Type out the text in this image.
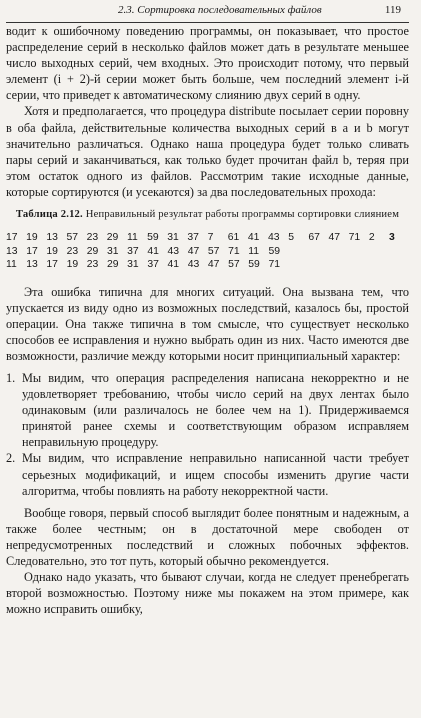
2.3. Сортировка последовательных файлов	119

водит к ошибочному поведению программы, он показывает, что простое распределение серий в несколько файлов может дать в результате меньшее число выходных серий, чем входных. Это происходит потому, что первый элемент (i + 2)-й серии может быть больше, чем последний элемент i-й серии, что приведет к автоматическому слиянию двух серий в одну.

Хотя и предполагается, что процедура distribute посылает серии поровну в оба файла, действительные количества выходных серий в a и b могут значительно различаться. Однако наша процедура будет только сливать пары серий и заканчиваться, как только будет прочитан файл b, теряя при этом остаток одного из файлов. Рассмотрим такие исходные данные, которые сортируются (и усекаются) за два последовательных прохода:

Таблица 2.12. Неправильный результат работы программы сортировки слиянием
17 19 13 57 23 29 11 59 31 37 7	61 41 43 5	67 47 71 2	3
13 17 19 23 29 31 37 41 43 47 57 71 11 59
11 13 17 19 23 29 31 37 41 43 47 57 59 71

Эта ошибка типична для многих ситуаций. Она вызвана тем, что упускается из виду одно из возможных последствий, казалось бы, простой операции. Она также типична в том смысле, что существует несколько способов ее исправления и нужно выбрать один из них. Часто имеются две возможности, различие между которыми носит принципиальный характер:

1. Мы видим, что операция распределения написана некорректно и не удовлетворяет требованию, чтобы число серий на двух лентах было одинаковым (или различалось не более чем на 1). Придерживаемся принятой ранее схемы и соответствующим образом исправляем неправильную процедуру.

2. Мы видим, что исправление неправильно написанной части требует серьезных модификаций, и ищем способы изменить другие части алгоритма, чтобы повлиять на работу некорректной части.

Вообще говоря, первый способ выглядит более понятным и надежным, а также более честным; он в достаточной мере свободен от непредусмотренных последствий и сложных побочных эффектов. Следовательно, это тот путь, который обычно рекомендуется.

Однако надо указать, что бывают случаи, когда не следует пренебрегать второй возможностью. Поэтому ниже мы покажем на этом примере, как можно исправить ошибку,
